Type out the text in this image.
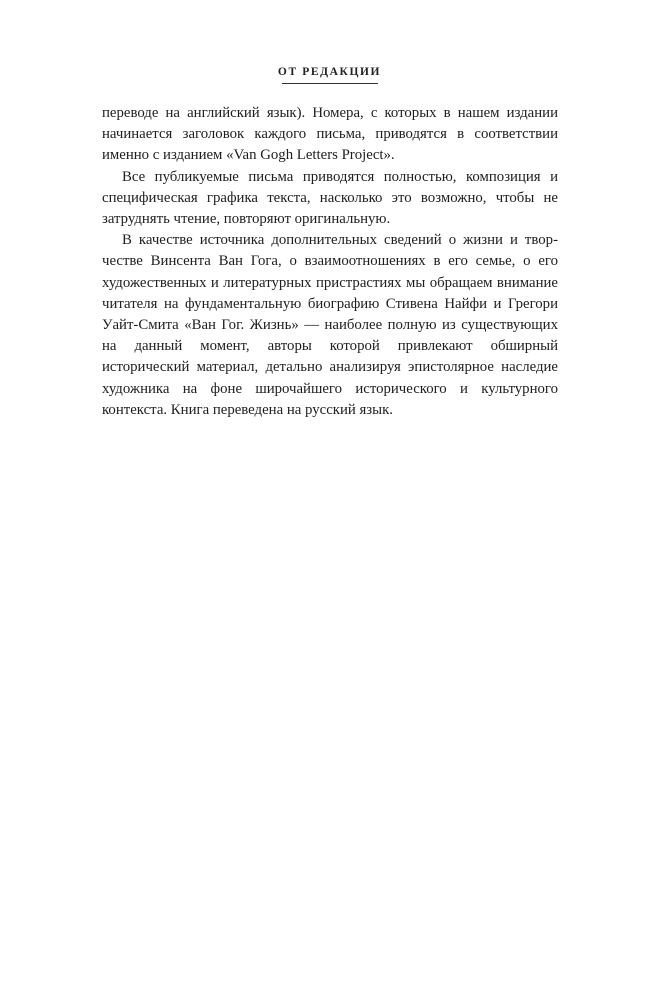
ОТ РЕДАКЦИИ

переводе на английский язык). Номера, с которых в нашем издании начинается заголовок каждого письма, приводятся в соответствии именно с изданием «Van Gogh Letters Project».

Все публикуемые письма приводятся полностью, композиция и специфическая графика текста, насколько это возможно, чтобы не затруднять чтение, повторяют оригинальную.

В качестве источника дополнительных сведений о жизни и творчестве Винсента Ван Гога, о взаимоотношениях в его семье, о его художественных и литературных пристрастиях мы обращаем внимание читателя на фундаментальную биографию Стивена Найфи и Грегори Уайт-Смита «Ван Гог. Жизнь» — наиболее полную из существующих на данный момент, авторы которой привлекают обширный исторический материал, детально анализируя эпистолярное наследие художника на фоне широчайшего исторического и культурного контекста. Книга переведена на русский язык.
